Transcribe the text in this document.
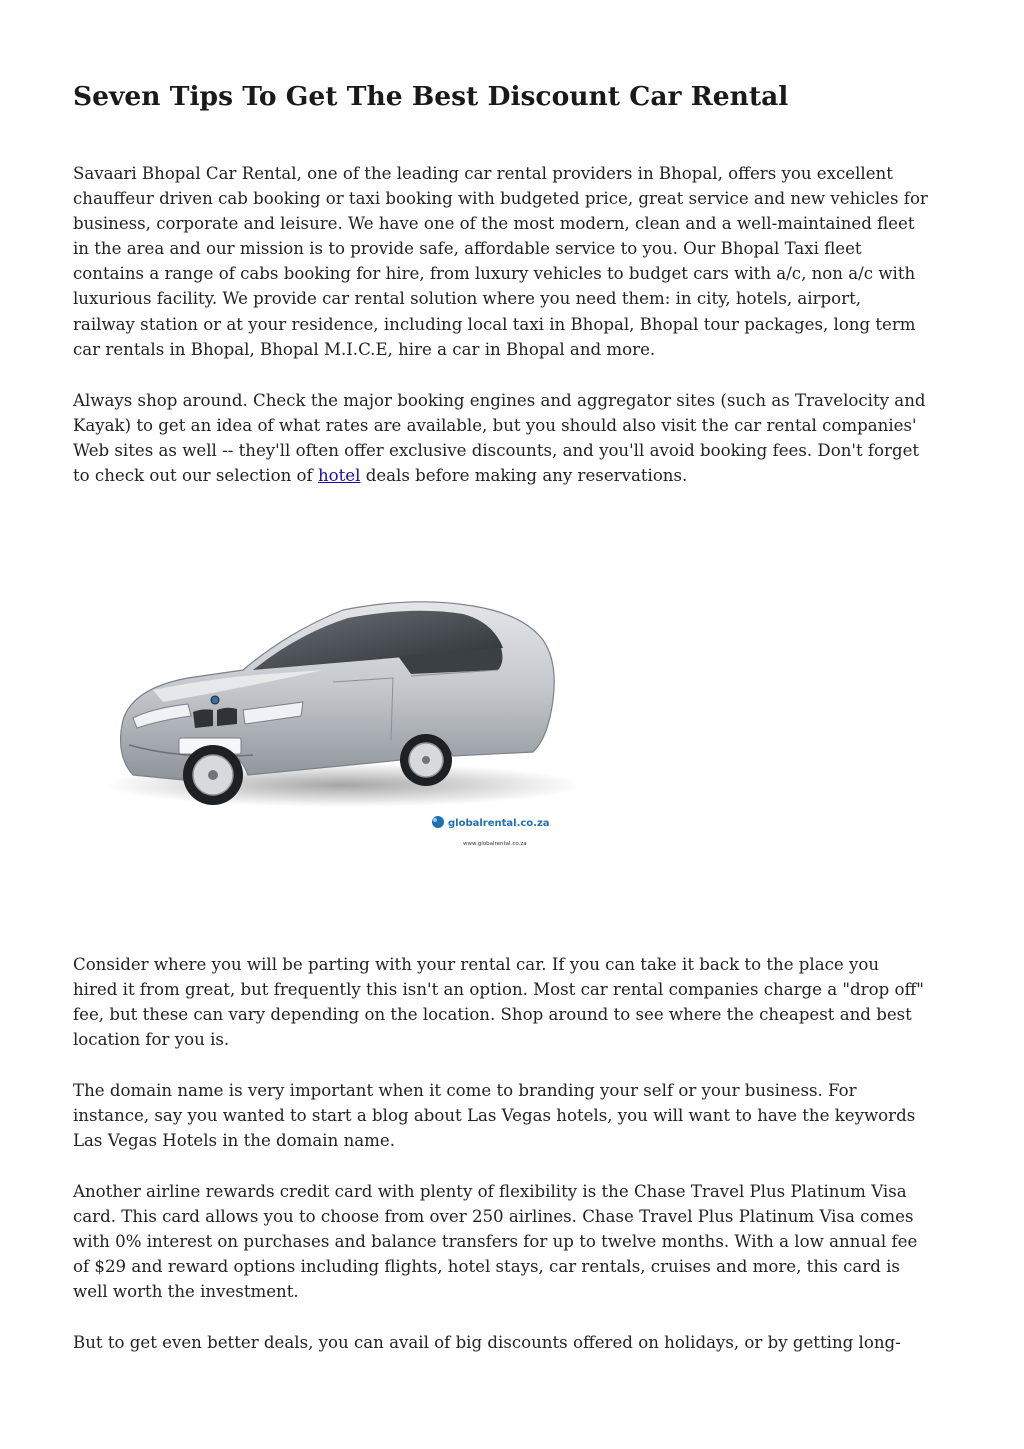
Seven Tips To Get The Best Discount Car Rental

Savaari Bhopal Car Rental, one of the leading car rental providers in Bhopal, offers you excellent
chauffeur driven cab booking or taxi booking with budgeted price, great service and new vehicles for
business, corporate and leisure. We have one of the most modern, clean and a well-maintained fleet
in the area and our mission is to provide safe, affordable service to you. Our Bhopal Taxi fleet
contains a range of cabs booking for hire, from luxury vehicles to budget cars with a/c, non a/c with
luxurious facility. We provide car rental solution where you need them: in city, hotels, airport,
railway station or at your residence, including local taxi in Bhopal, Bhopal tour packages, long term
car rentals in Bhopal, Bhopal M.I.C.E, hire a car in Bhopal and more.

Always shop around. Check the major booking engines and aggregator sites (such as Travelocity and
Kayak) to get an idea of what rates are available, but you should also visit the car rental companies'
Web sites as well -- they'll often offer exclusive discounts, and you'll avoid booking fees. Don't forget
to check out our selection of hotel deals before making any reservations.

globalrental.co.za
www.globalrental.co.za

Consider where you will be parting with your rental car. If you can take it back to the place you
hired it from great, but frequently this isn't an option. Most car rental companies charge a "drop off"
fee, but these can vary depending on the location. Shop around to see where the cheapest and best
location for you is.

The domain name is very important when it come to branding your self or your business. For
instance, say you wanted to start a blog about Las Vegas hotels, you will want to have the keywords
Las Vegas Hotels in the domain name.

Another airline rewards credit card with plenty of flexibility is the Chase Travel Plus Platinum Visa
card. This card allows you to choose from over 250 airlines. Chase Travel Plus Platinum Visa comes
with 0% interest on purchases and balance transfers for up to twelve months. With a low annual fee
of $29 and reward options including flights, hotel stays, car rentals, cruises and more, this card is
well worth the investment.

But to get even better deals, you can avail of big discounts offered on holidays, or by getting long-
